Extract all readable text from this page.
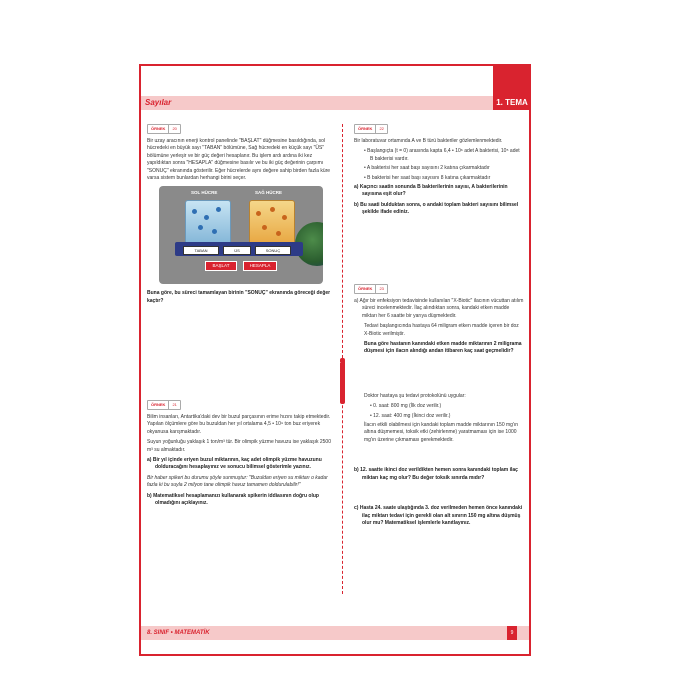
Sayılar	1. TEMA
Sınıf Arkadaşım
ÖRNEK	20

Bir uzay aracının enerji kontrol panelinde "BAŞLAT" düğmesine basıldığında, sol hücredeki en büyük sayı "TABAN" bölümüne, Sağ hücredeki en küçük sayı "ÜS" bölümüne yerleşir ve bir güç değeri hesaplanır. Bu işlem ardı ardına iki kez yapıldıktan sonra "HESAPLA" düğmesine basılır ve bu iki güç değerinin çarpımı "SONUÇ" ekranında gösterilir. Eğer hücrelerde aynı değere sahip birden fazla küre varsa sistem bunlardan herhangi birini seçer.

SOL HÜCRE	SAĞ HÜCRE
TABAN	ÜS	SONUÇ
BAŞLAT	HESAPLA

Buna göre, bu süreci tamamlayan birinin "SONUÇ" ekranında göreceği değer kaçtır?

ÖRNEK	21

Bilim insanları, Antartika'daki dev bir buzul parçasının erime hızını takip etmektedir. Yapılan ölçümlere göre bu buzuldan her yıl ortalama 4,5 • 10⁹ ton buz eriyerek okyanusa karışmaktadır.

Suyun yoğunluğu yaklaşık 1 ton/m³ tür. Bir olimpik yüzme havuzu ise yaklaşık 2500 m³ su almaktadır.

a) Bir yıl içinde eriyen buzul miktarının, kaç adet olimpik yüzme havuzunu dolduracağını hesaplayınız ve sonucu bilimsel gösterimle yazınız.

Bir haber spikeri bu durumu şöyle sunmuştur: "Buzuldan eriyen su miktarı o kadar fazla ki bu suyla 2 milyon tane olimpik havuz tamamen doldurulabilir!"

b) Matematiksel hesaplamanızı kullanarak spikerin iddiasının doğru olup olmadığını açıklayınız.

ÖRNEK	22

Bir laboratuvar ortamında A ve B türü bakteriler gözlemlenmektedir.

• Başlangıçta (t = 0) arasında kapta 6,4 • 10⁶ adet A bakterisi, 10⁵ adet B bakterisi vardır.

• A bakterisi her saat başı sayısını 2 katına çıkarmaktadır

• B bakterisi her saat başı sayısını 8 katına çıkarmaktadır

a) Kaçıncı saatin sonunda B bakterilerinin sayısı, A bakterilerinin sayısına eşit olur?

b) Bu saati bulduktan sonra, o andaki toplam bakteri sayısını bilimsel şekilde ifade ediniz.

ÖRNEK	23

a) Ağır bir enfeksiyon tedavisinde kullanılan "X-Biotic" ilacının vücuttan atılım süreci incelenmektedir. İlaç alındıktan sonra, kandaki etken madde miktarı her 6 saatte bir yarıya düşmektedir.

Tedavi başlangıcında hastaya 64 miligram etken madde içeren bir doz X-Biotic verilmiştir.

Buna göre hastanın kanındaki etken madde miktarının 2 miligrama düşmesi için ilacın alındığı andan itibaren kaç saat geçmelidir?

Doktor hastaya şu tedavi protokolünü uygular:

• 0. saat: 800 mg (İlk doz verilir.)

• 12. saat: 400 mg (İkinci doz verilir.)

İlacın etkili olabilmesi için kandaki toplam madde miktarının 150 mg'ın altına düşmemesi, toksik etki (zehirlenme) yaratmaması için ise 1000 mg'ın üzerine çıkmaması gerekmektedir.

b) 12. saatte ikinci doz verildikten hemen sonra kanındaki toplam ilaç miktarı kaç mg olur? Bu değer toksik sınırda mıdır?

c) Hasta 24. saate ulaştığında 3. doz verilmeden hemen önce kanındaki ilaç miktarı tedavi için gerekli olan alt sınırın 150 mg altına düşmüş olur mu? Matematiksel işlemlerle kanıtlayınız.

8. SINIF • MATEMATİK	9
